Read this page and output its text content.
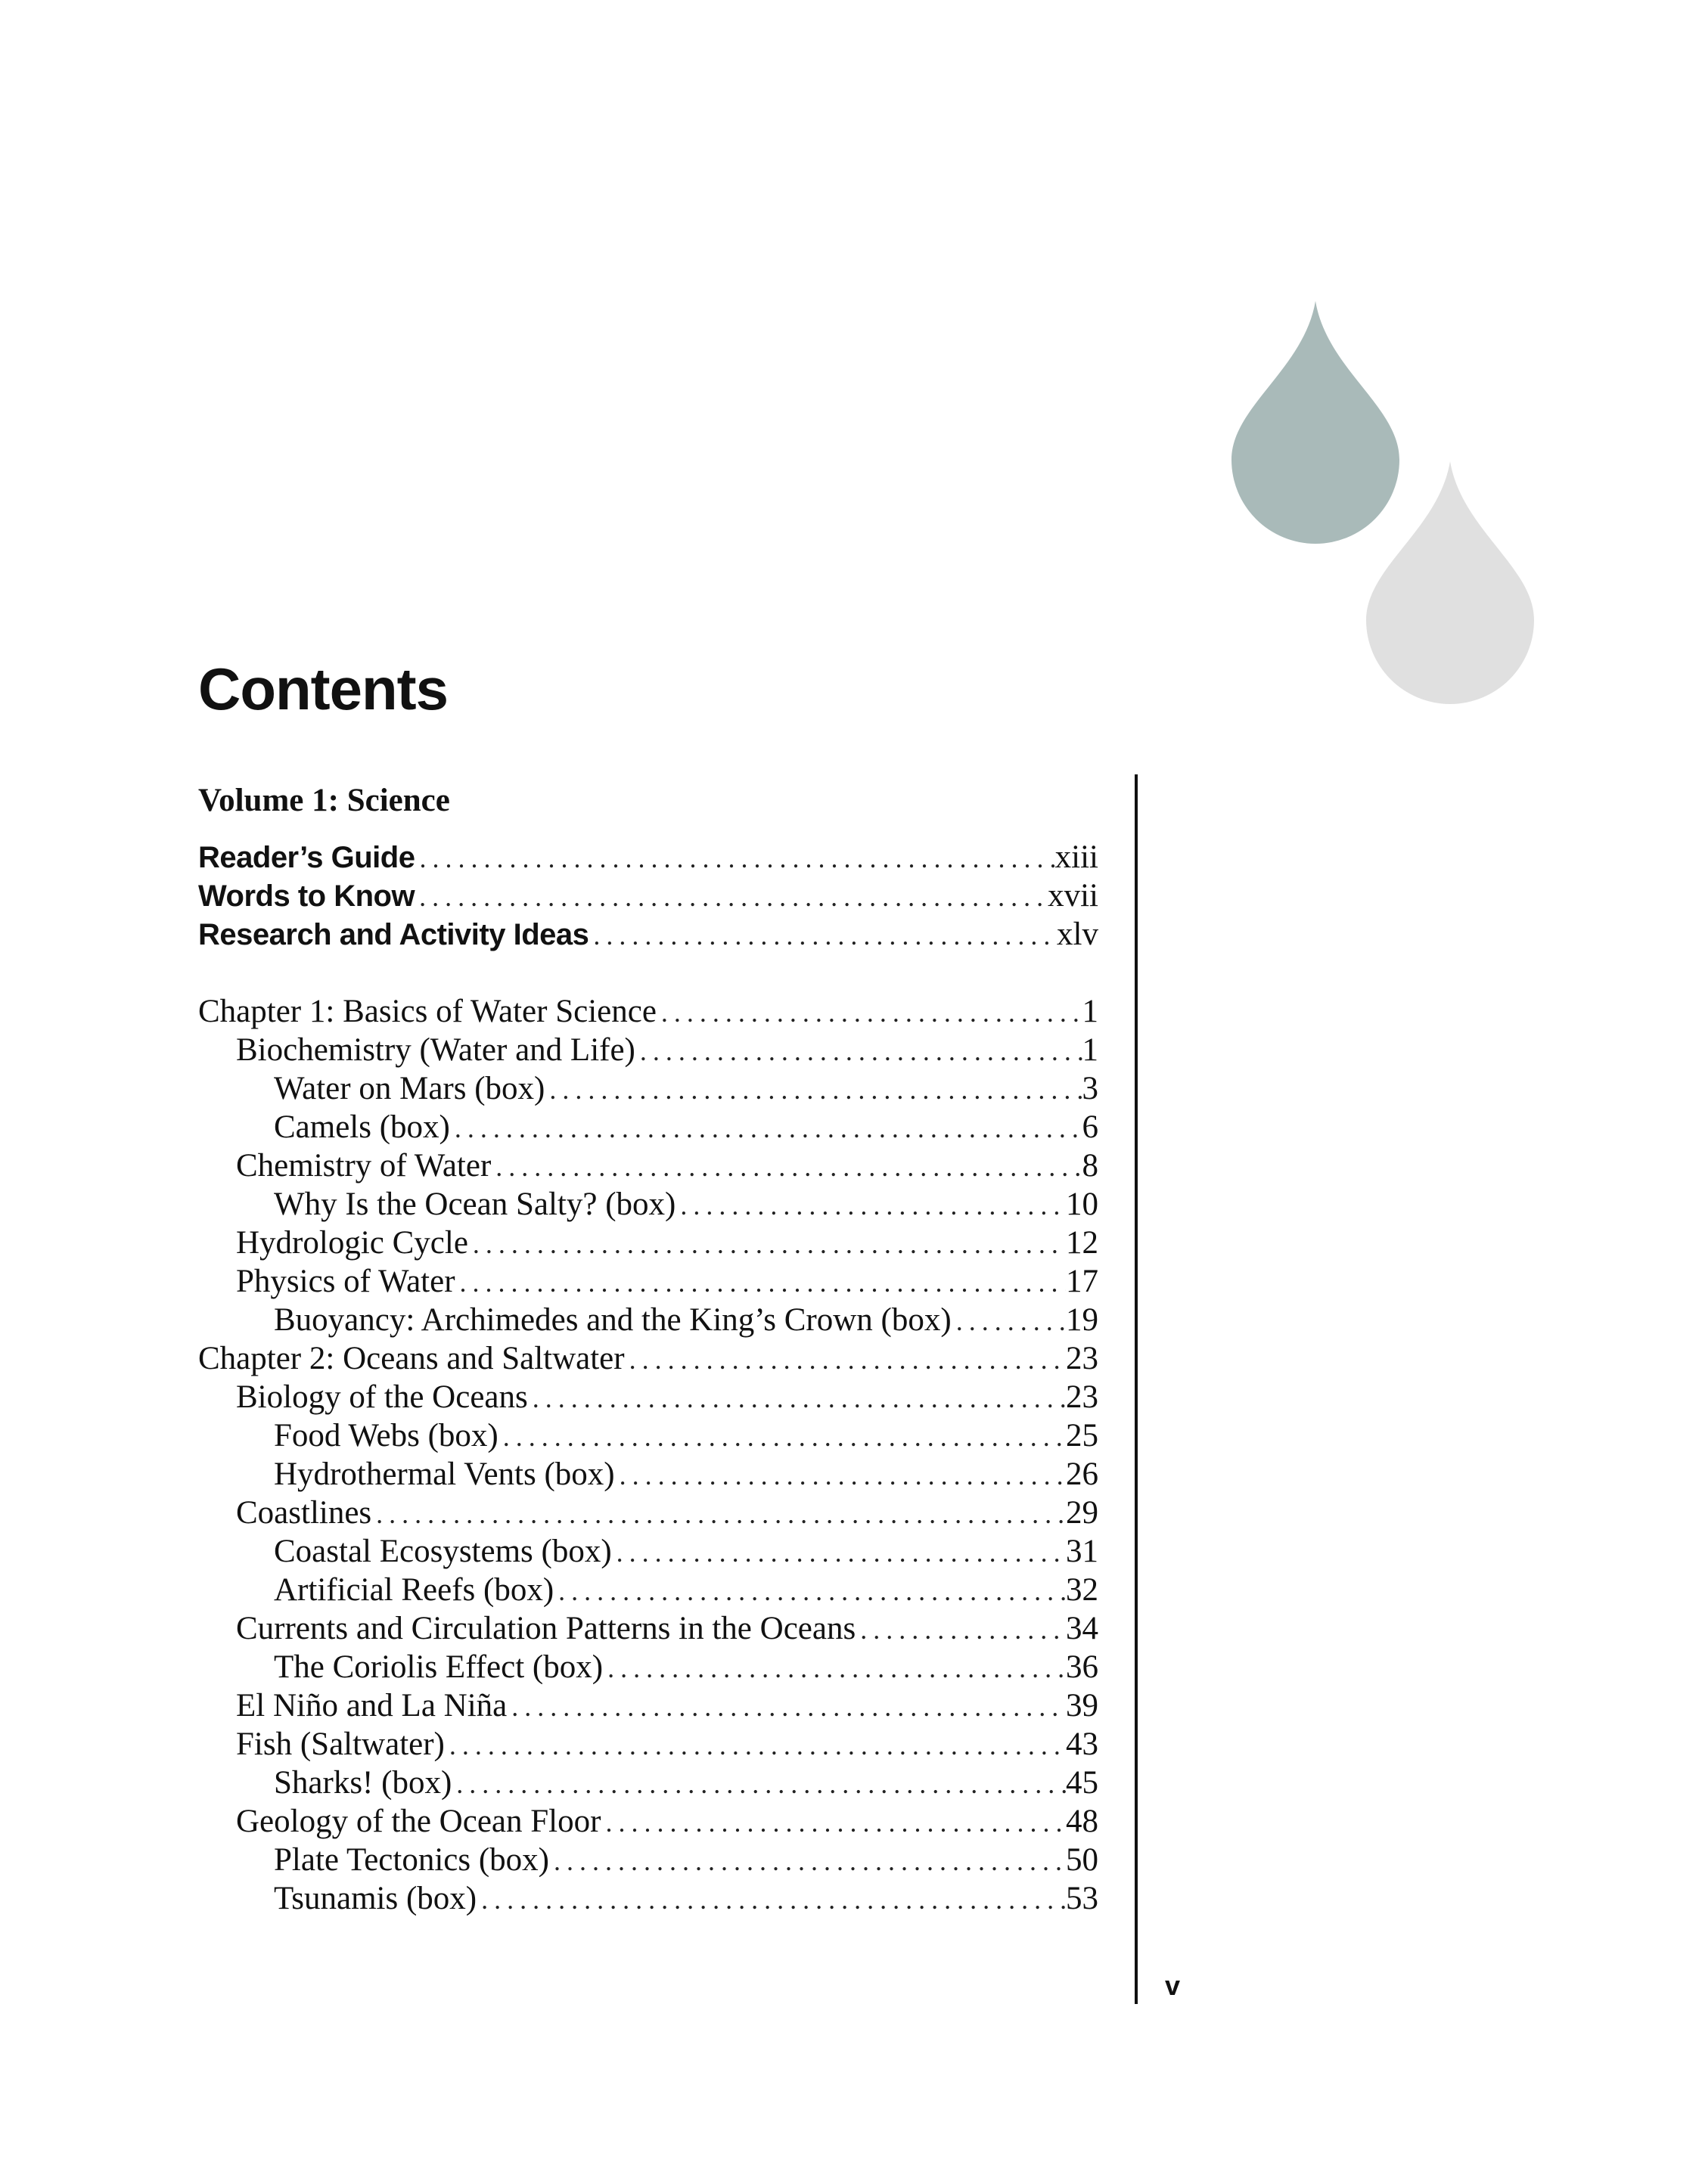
Contents
Volume 1: Science
Reader’s Guide .....	xiii
Words to Know .....	xvii
Research and Activity Ideas .....	xlv
Chapter 1: Basics of Water Science .....	1
Biochemistry (Water and Life) .....	1
Water on Mars (box) .....	3
Camels (box) .....	6
Chemistry of Water .....	8
Why Is the Ocean Salty? (box) .....	10
Hydrologic Cycle .....	12
Physics of Water .....	17
Buoyancy: Archimedes and the King’s Crown (box) .....	19
Chapter 2: Oceans and Saltwater .....	23
Biology of the Oceans .....	23
Food Webs (box) .....	25
Hydrothermal Vents (box) .....	26
Coastlines .....	29
Coastal Ecosystems (box) .....	31
Artificial Reefs (box) .....	32
Currents and Circulation Patterns in the Oceans .....	34
The Coriolis Effect (box) .....	36
El Niño and La Niña .....	39
Fish (Saltwater) .....	43
Sharks! (box) .....	45
Geology of the Ocean Floor .....	48
Plate Tectonics (box) .....	50
Tsunamis (box) .....	53
v
